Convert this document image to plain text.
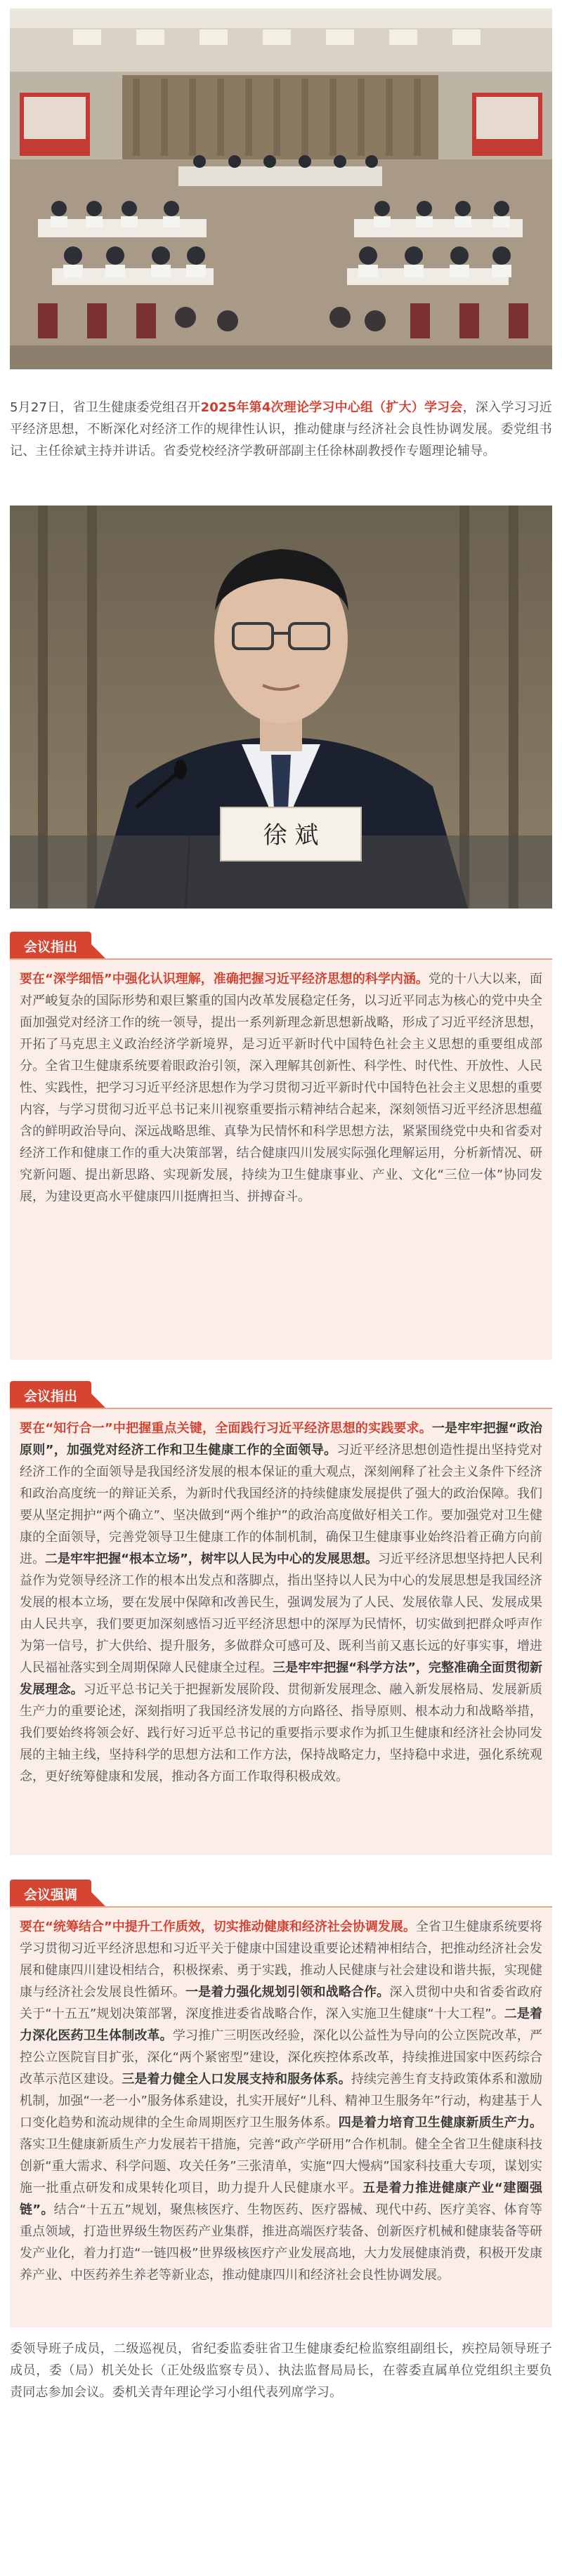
5月27日，省卫生健康委党组召开2025年第4次理论学习中心组（扩大）学习会，深入学习习近平经济思想，不断深化对经济工作的规律性认识，推动健康与经济社会良性协调发展。委党组书记、主任徐斌主持并讲话。省委党校经济学教研部副主任徐林副教授作专题理论辅导。
徐 斌
会议指出
要在“深学细悟”中强化认识理解，准确把握习近平经济思想的科学内涵。党的十八大以来，面对严峻复杂的国际形势和艰巨繁重的国内改革发展稳定任务，以习近平同志为核心的党中央全面加强党对经济工作的统一领导，提出一系列新理念新思想新战略，形成了习近平经济思想，开拓了马克思主义政治经济学新境界，是习近平新时代中国特色社会主义思想的重要组成部分。全省卫生健康系统要着眼政治引领，深入理解其创新性、科学性、时代性、开放性、人民性、实践性，把学习习近平经济思想作为学习贯彻习近平新时代中国特色社会主义思想的重要内容，与学习贯彻习近平总书记来川视察重要指示精神结合起来，深刻领悟习近平经济思想蕴含的鲜明政治导向、深远战略思维、真挚为民情怀和科学思想方法，紧紧围绕党中央和省委对经济工作和健康工作的重大决策部署，结合健康四川发展实际强化理解运用，分析新情况、研究新问题、提出新思路、实现新发展，持续为卫生健康事业、产业、文化“三位一体”协同发展，为建设更高水平健康四川挺膺担当、拼搏奋斗。
会议指出
要在“知行合一”中把握重点关键，全面践行习近平经济思想的实践要求。一是牢牢把握“政治原则”，加强党对经济工作和卫生健康工作的全面领导。习近平经济思想创造性提出坚持党对经济工作的全面领导是我国经济发展的根本保证的重大观点，深刻阐释了社会主义条件下经济和政治高度统一的辩证关系，为新时代我国经济的持续健康发展提供了强大的政治保障。我们要从坚定拥护“两个确立”、坚决做到“两个维护”的政治高度做好相关工作。要加强党对卫生健康的全面领导，完善党领导卫生健康工作的体制机制，确保卫生健康事业始终沿着正确方向前进。二是牢牢把握“根本立场”，树牢以人民为中心的发展思想。习近平经济思想坚持把人民利益作为党领导经济工作的根本出发点和落脚点，指出坚持以人民为中心的发展思想是我国经济发展的根本立场，要在发展中保障和改善民生，强调发展为了人民、发展依靠人民、发展成果由人民共享，我们要更加深刻感悟习近平经济思想中的深厚为民情怀，切实做到把群众呼声作为第一信号，扩大供给、提升服务，多做群众可感可及、既利当前又惠长远的好事实事，增进人民福祉落实到全周期保障人民健康全过程。三是牢牢把握“科学方法”，完整准确全面贯彻新发展理念。习近平总书记关于把握新发展阶段、贯彻新发展理念、融入新发展格局、发展新质生产力的重要论述，深刻指明了我国经济发展的方向路径、指导原则、根本动力和战略举措，我们要始终将领会好、践行好习近平总书记的重要指示要求作为抓卫生健康和经济社会协同发展的主轴主线，坚持科学的思想方法和工作方法，保持战略定力，坚持稳中求进，强化系统观念，更好统筹健康和发展，推动各方面工作取得积极成效。
会议强调
要在“统筹结合”中提升工作质效，切实推动健康和经济社会协调发展。全省卫生健康系统要将学习贯彻习近平经济思想和习近平关于健康中国建设重要论述精神相结合，把推动经济社会发展和健康四川建设相结合，积极探索、勇于实践，推动人民健康与社会建设和谐共振，实现健康与经济社会发展良性循环。一是着力强化规划引领和战略合作。深入贯彻中央和省委省政府关于“十五五”规划决策部署，深度推进委省战略合作，深入实施卫生健康“十大工程”。二是着力深化医药卫生体制改革。学习推广三明医改经验，深化以公益性为导向的公立医院改革，严控公立医院盲目扩张，深化“两个紧密型”建设，深化疾控体系改革，持续推进国家中医药综合改革示范区建设。三是着力健全人口发展支持和服务体系。持续完善生育支持政策体系和激励机制，加强“一老一小”服务体系建设，扎实开展好“儿科、精神卫生服务年”行动，构建基于人口变化趋势和流动规律的全生命周期医疗卫生服务体系。四是着力培育卫生健康新质生产力。落实卫生健康新质生产力发展若干措施，完善“政产学研用”合作机制。健全全省卫生健康科技创新“重大需求、科学问题、攻关任务”三张清单，实施“四大慢病”国家科技重大专项，谋划实施一批重点研发和成果转化项目，助力提升人民健康水平。五是着力推进健康产业“建圈强链”。结合“十五五”规划，聚焦核医疗、生物医药、医疗器械、现代中药、医疗美容、体育等重点领域，打造世界级生物医药产业集群，推进高端医疗装备、创新医疗机械和健康装备等研发产业化，着力打造“一链四极”世界级核医疗产业发展高地，大力发展健康消费，积极开发康养产业、中医药养生养老等新业态，推动健康四川和经济社会良性协调发展。
委领导班子成员，二级巡视员，省纪委监委驻省卫生健康委纪检监察组副组长，疾控局领导班子成员，委（局）机关处长（正处级监察专员）、执法监督局局长，在蓉委直属单位党组织主要负责同志参加会议。委机关青年理论学习小组代表列席学习。
